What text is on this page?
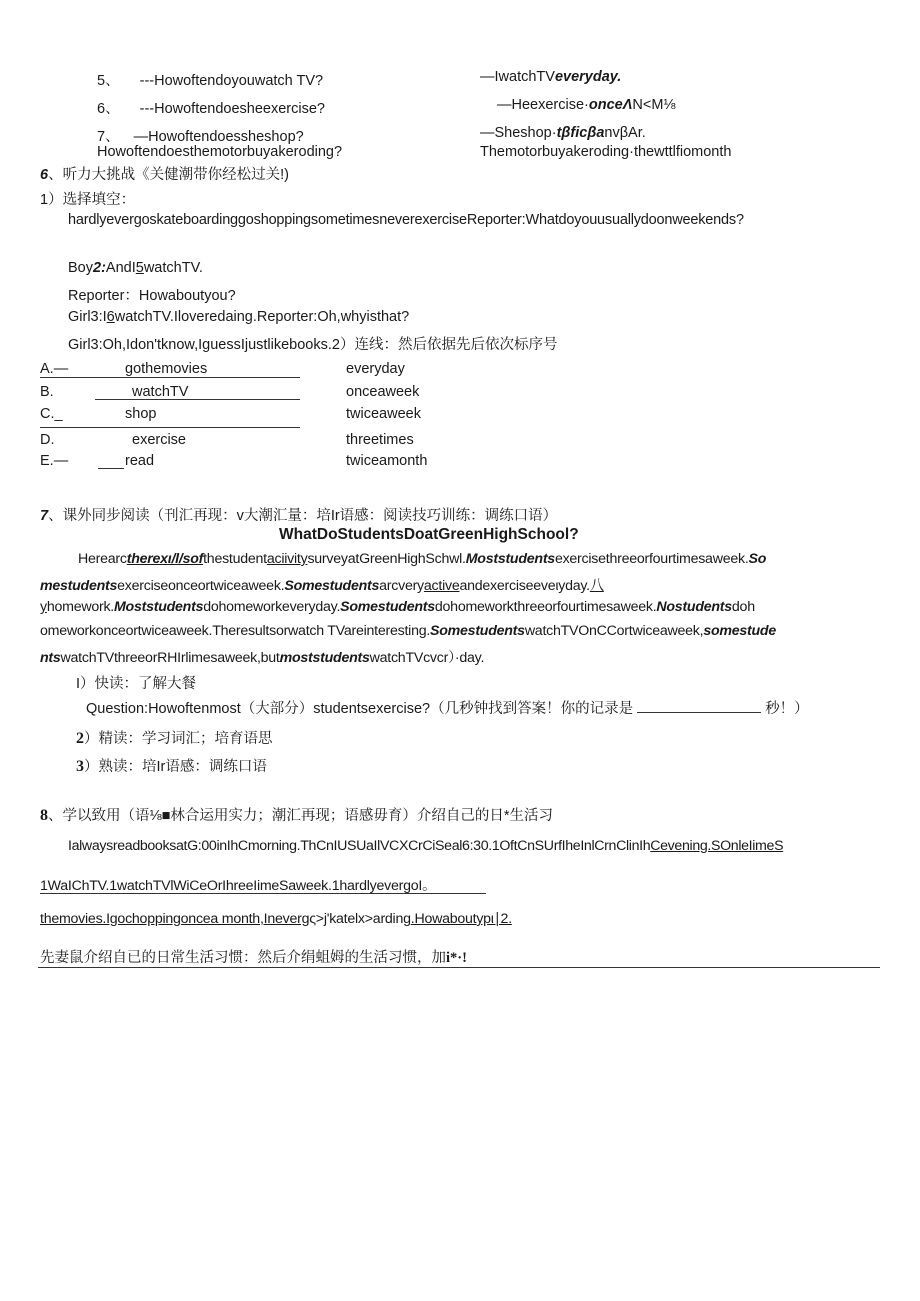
5、 ---Howoftendoyouwatch TV?	—IwatchTVeveryday.
6、 ---Howoftendoesheexercise?	—Heexercise·onceΛN<M⅛
7、 —Howoftendoessheshop?	—Sheshop·tβficβanvβAr.
Howoftendoesthemotorbuyakeroding?	Themotorbuyakeroding·thewttlfiomonth
6、听力大挑战《关健潮带你经松过关!)
1）选择填空：
hardlyevergoskateboardinggoshoppingsometimesneverexerciseReporter:Whatdoyouusuallydoonweekends?
Boy2:AndI5watchTV.
Reporter：Howaboutyou?
Girl3:I6watchTV.Iloveredaing.Reporter:Oh,whyisthat?
Girl3:Oh,Idon'tknow,IguessIjustlikebooks.2）连线：然后依据先后依次标序号
A.—	gothemovies	everyday
B.	watchTV	onceaweek
C._	shop	twiceaweek
D.	exercise	threetimes
E.—	read	twiceamonth
7、课外同步阅读（刊汇再现：v大潮汇量：培Ir语感：阅读技巧训练：调练口语）
WhatDoStudentsDoatGreenHighSchool?
Herearctherexι/l/softhestudentaciivitysurveyatGreenHighSchwl.Moststudentsexercisethreeorfourtimesaweek.So
mestudentsexerciseonceortwiceaweek.Somestudentsarcveryactiveandexerciseeveιyday.八
yhomework.Moststudentsdohomeworkeveryday.Somestudentsdohomeworkthreeorfourtimesaweek.Nostudentsdoh
omeworkonceortwiceaweek.Theresultsorwatch TVareinteresting.SomestudentswatchTVOnCCortwiceaweek,somestude
ntswatchTVthreeorRHIrlimesaweek,butmoststudentswatchTVcvcr）·day.
I）快读：了解大餐
Question:Howoftenmost（大部分）studentsexercise?（几秒钟找到答案！你的记录是	秒！）
2）精读：学习词汇；培育语思
3）熟读：培Ir语感：调练口语
8、学以致用（语⅛■林合运用实力；潮汇再现；语感毋育）介绍自己的日*生活习
IalwaysreadbooksatG:00inIhCmorning.ThCnIUSUaIlVCXCrCiSeal6:30.1OftCnSUrfIheInlCrnClinIhCevening.SOnleIimeS
1WaIChTV.1watchTVlWiCeOrIhreeIimeSaweek.1hardlyevergoI。
themovies.Igochoppingoncea month,Inevergς>j'katelx>arding.Howaboutypι∣2.
先妻鼠介绍自已的日常生活习惯：然后介绢蛆姆的生活习惯，加i*·!
